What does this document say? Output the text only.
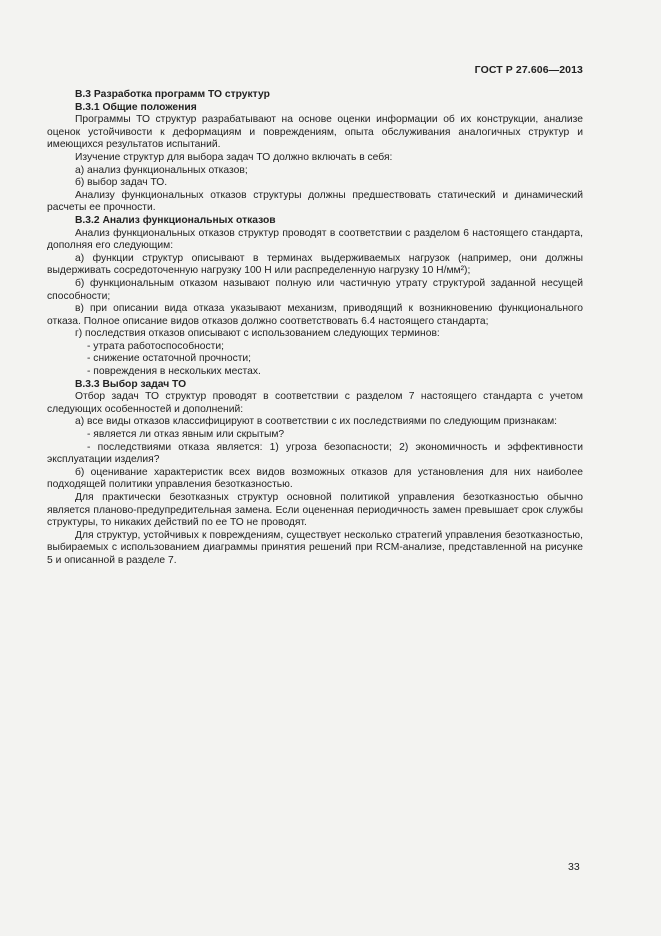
ГОСТ Р 27.606—2013

В.3 Разработка программ ТО структур

В.3.1 Общие положения

Программы ТО структур разрабатывают на основе оценки информации об их конструкции, анализе оценок устойчивости к деформациям и повреждениям, опыта обслуживания аналогичных структур и имеющихся результатов испытаний.

Изучение структур для выбора задач ТО должно включать в себя:

а) анализ функциональных отказов;

б) выбор задач ТО.

Анализу функциональных отказов структуры должны предшествовать статический и динамический расчеты ее прочности.

В.3.2 Анализ функциональных отказов

Анализ функциональных отказов структур проводят в соответствии с разделом 6 настоящего стандарта, дополняя его следующим:

а) функции структур описывают в терминах выдерживаемых нагрузок (например, они должны выдерживать сосредоточенную нагрузку 100 Н или распределенную нагрузку 10 Н/мм²);

б) функциональным отказом называют полную или частичную утрату структурой заданной несущей способности;

в) при описании вида отказа указывают механизм, приводящий к возникновению функционального отказа. Полное описание видов отказов должно соответствовать 6.4 настоящего стандарта;

г) последствия отказов описывают с использованием следующих терминов:

- утрата работоспособности;

- снижение остаточной прочности;

- повреждения в нескольких местах.

В.3.3 Выбор задач ТО

Отбор задач ТО структур проводят в соответствии с разделом 7 настоящего стандарта с учетом следующих особенностей и дополнений:

а) все виды отказов классифицируют в соответствии с их последствиями по следующим признакам:

- является ли отказ явным или скрытым?

- последствиями отказа является: 1) угроза безопасности; 2) экономичность и эффективности эксплуатации изделия?

б) оценивание характеристик всех видов возможных отказов для установления для них наиболее подходящей политики управления безотказностью.

Для практически безотказных структур основной политикой управления безотказностью обычно является планово-предупредительная замена. Если оцененная периодичность замен превышает срок службы структуры, то никаких действий по ее ТО не проводят.

Для структур, устойчивых к повреждениям, существует несколько стратегий управления безотказностью, выбираемых с использованием диаграммы принятия решений при RCM-анализе, представленной на рисунке 5 и описанной в разделе 7.

33
